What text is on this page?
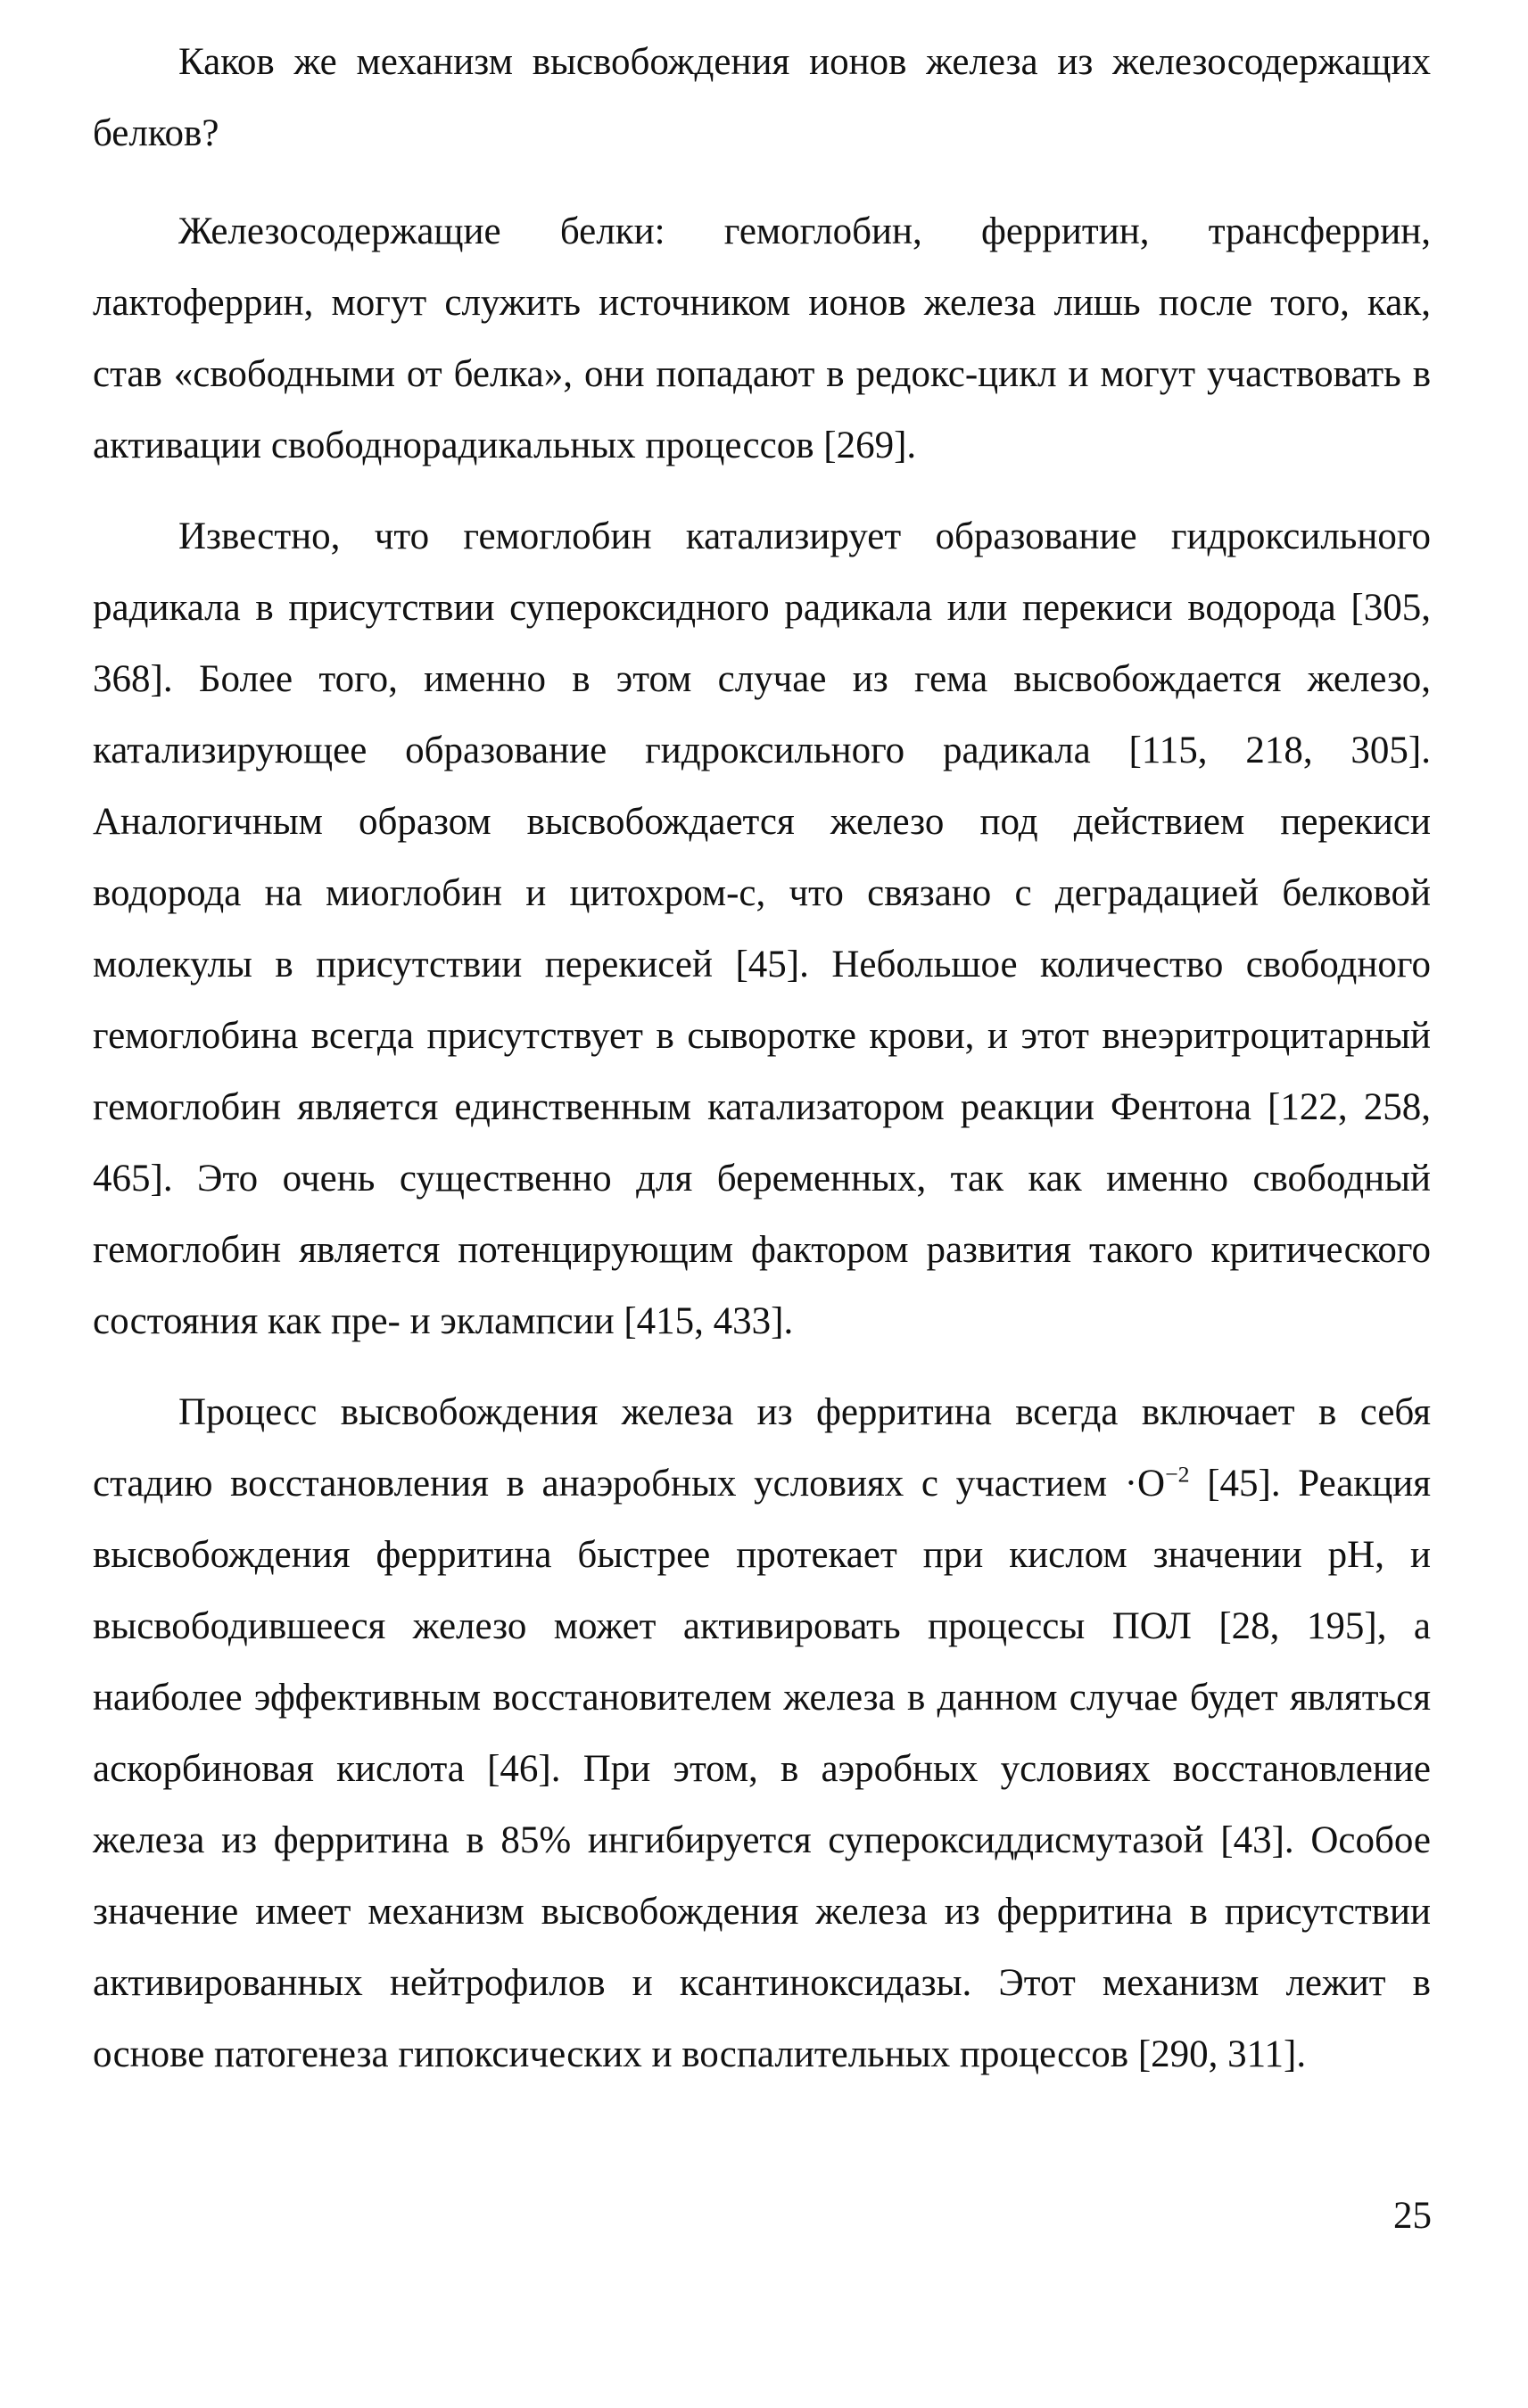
Каков же механизм высвобождения ионов железа из железосодержащих белков?

Железосодержащие белки: гемоглобин, ферритин, трансферрин, лактоферрин, могут служить источником ионов железа лишь после того, как, став «свободными от белка», они попадают в редокс-цикл и могут участвовать в активации свободнорадикальных процессов [269].

Известно, что гемоглобин катализирует образование гидроксильного радикала в присутствии супероксидного радикала или перекиси водорода [305, 368]. Более того, именно в этом случае из гема высвобождается железо, катализирующее образование гидроксильного радикала [115, 218, 305]. Аналогичным образом высвобождается железо под действием перекиси водорода на миоглобин и цитохром-с, что связано с деградацией белковой молекулы в присутствии перекисей [45]. Небольшое количество свободного гемоглобина всегда присутствует в сыворотке крови, и этот внеэритроцитарный гемоглобин является единственным катализатором реакции Фентона [122, 258, 465]. Это очень существенно для беременных, так как именно свободный гемоглобин является потенцирующим фактором развития такого критического состояния как пре- и эклампсии [415, 433].

Процесс высвобождения железа из ферритина всегда включает в себя стадию восстановления в анаэробных условиях с участием $\cdot O^{-2}$ [45]. Реакция высвобождения ферритина быстрее протекает при кислом значении pH, и высвободившееся железо может активировать процессы ПОЛ [28, 195], а наиболее эффективным восстановителем железа в данном случае будет являться аскорбиновая кислота [46]. При этом, в аэробных условиях восстановление железа из ферритина в 85% ингибируется супероксиддисмутазой [43]. Особое значение имеет механизм высвобождения железа из ферритина в присутствии активированных нейтрофилов и ксантиноксидазы. Этот механизм лежит в основе патогенеза гипоксических и воспалительных процессов [290, 311].

25
